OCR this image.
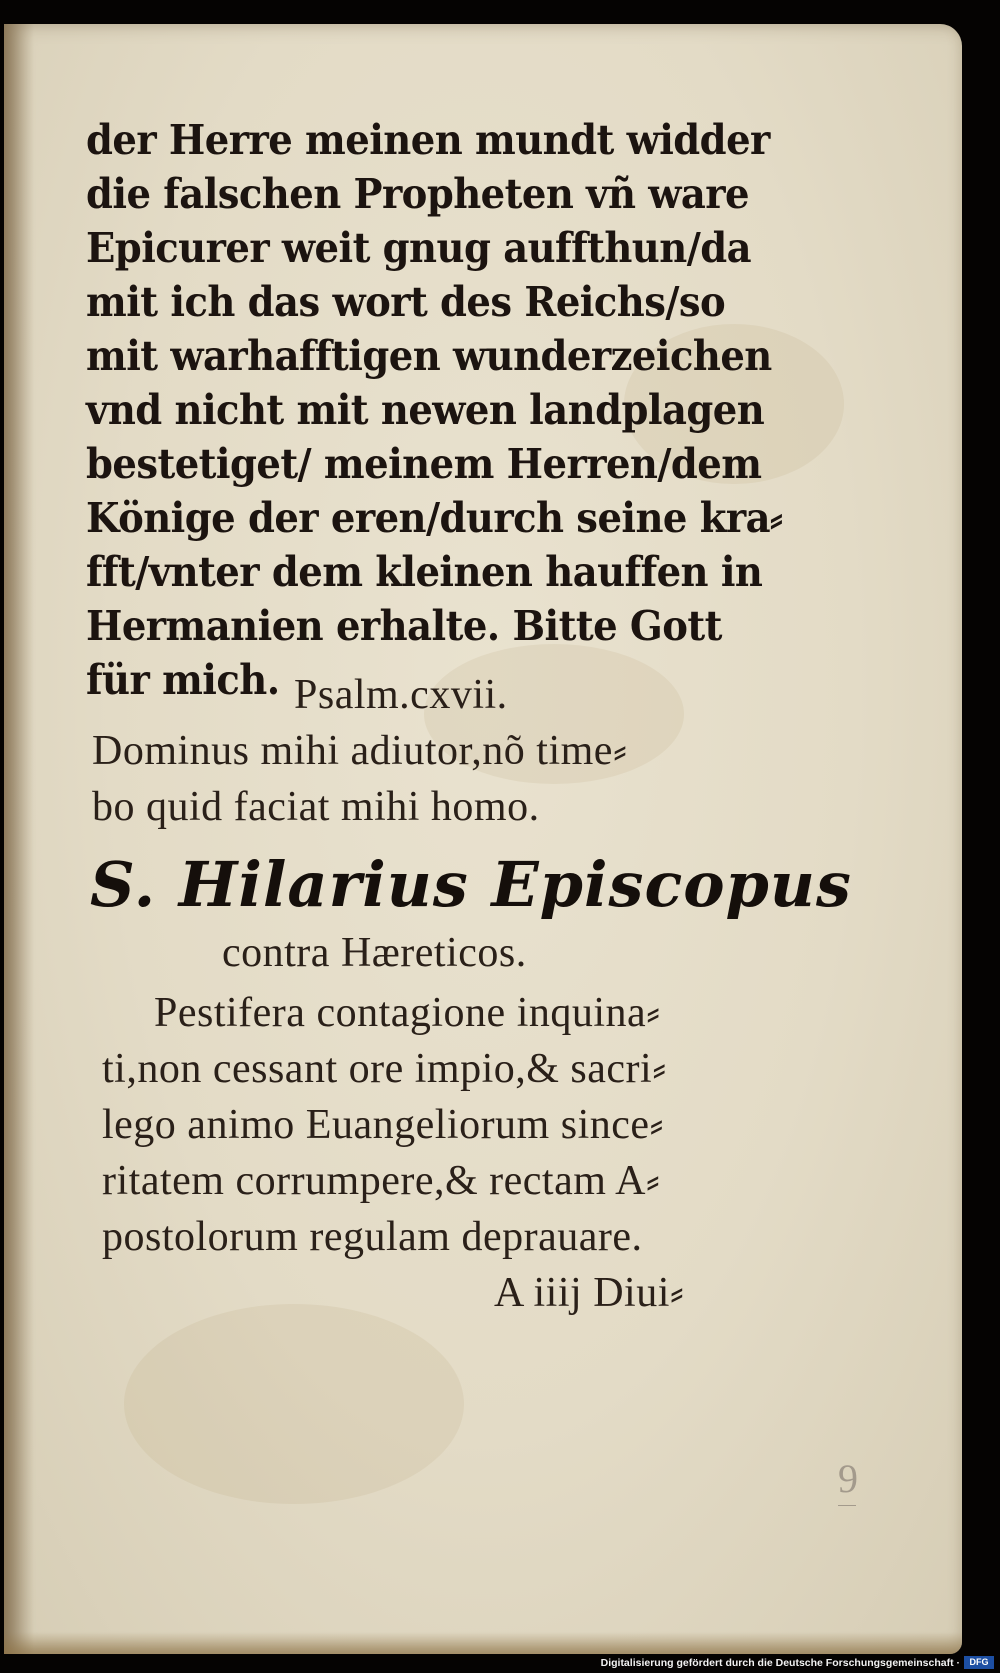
der Herre meinen mundt widder

die falschen Propheten vñ ware

Epicurer weit gnug auffthun/da

mit ich das wort des Reichs/so

mit warhafftigen wunderzeichen

vnd nicht mit newen landplagen

bestetiget/ meinem Herren/dem

Könige der eren/durch seine kra⸗

fft/vnter dem kleinen hauffen in

Hermanien erhalte. Bitte Gott

für mich. Psalm.cxvii.

Dominus mihi adiutor,nõ time⸗

bo quid faciat mihi homo.

S. Hilarius Episcopus

contra Hæreticos.

Pestifera contagione inquina⸗

ti,non cessant ore impio,& sacri⸗

lego animo Euangeliorum since⸗

ritatem corrumpere,& rectam A⸗

postolorum regulam deprauare.

A iiij Diui⸗

9
Digitalisierung gefördert durch die Deutsche Forschungsgemeinschaft ·	DFG
